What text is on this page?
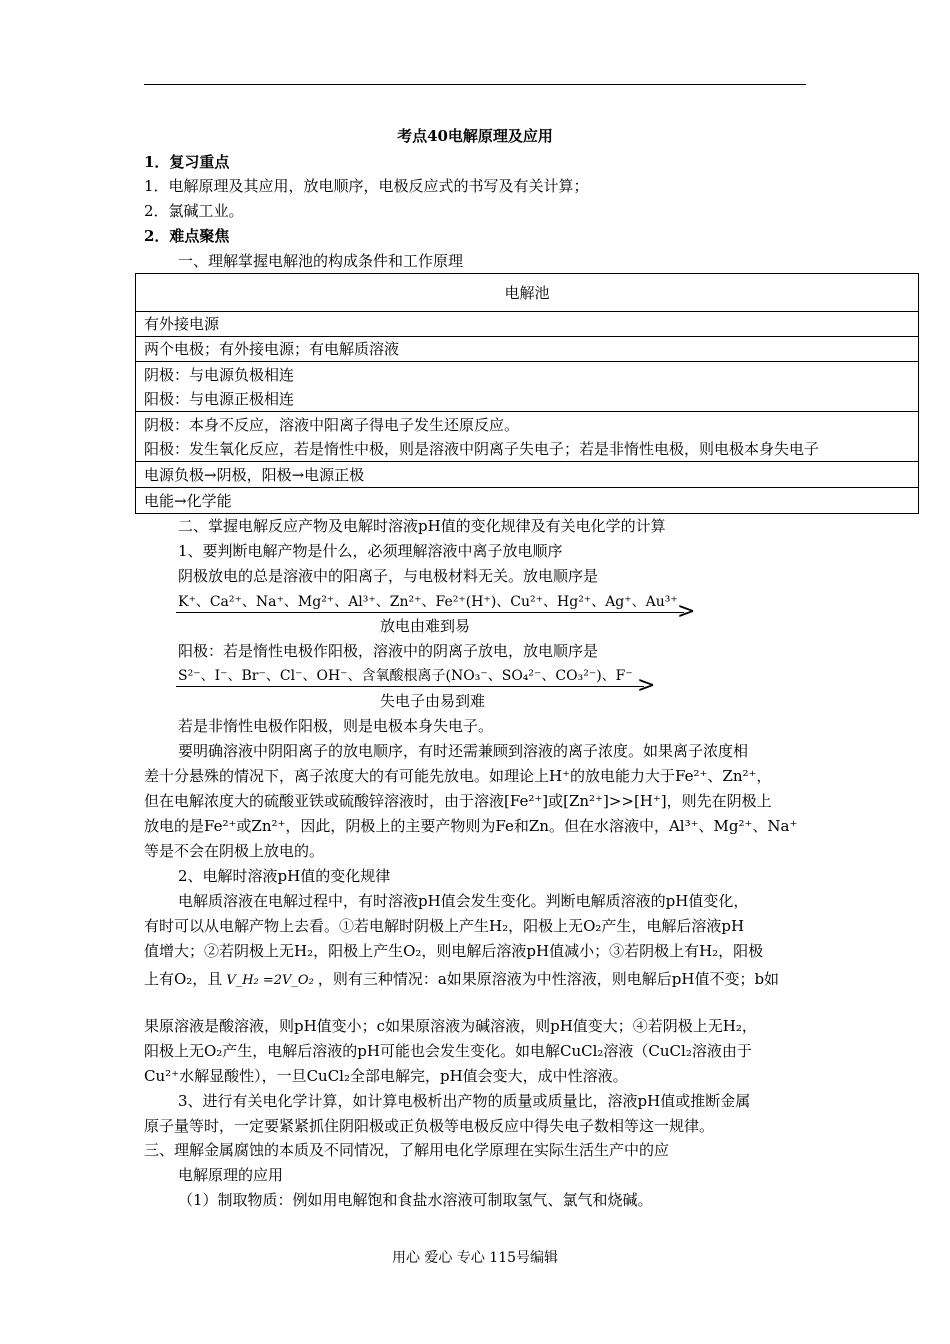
考点40电解原理及应用
1．复习重点
1．电解原理及其应用，放电顺序，电极反应式的书写及有关计算；
2．氯碱工业。
2．难点聚焦
一、理解掌握电解池的构成条件和工作原理
电解池
有外接电源
两个电极；有外接电源；有电解质溶液

阴极：与电源负极相连
阳极：与电源正极相连

阴极：本身不反应，溶液中阳离子得电子发生还原反应。
阳极：发生氧化反应，若是惰性中极，则是溶液中阴离子失电子；若是非惰性电极，则电极本身失电子

电源负极→阴极，阳极→电源正极
电能→化学能
二、掌握电解反应产物及电解时溶液pH值的变化规律及有关电化学的计算
1、要判断电解产物是什么，必须理解溶液中离子放电顺序
阴极放电的总是溶液中的阳离子，与电极材料无关。放电顺序是
K⁺、Ca²⁺、Na⁺、Mg²⁺、Al³⁺、Zn²⁺、Fe²⁺(H⁺)、Cu²⁺、Hg²⁺、Ag⁺、Au³⁺ >
放电由难到易
阳极：若是惰性电极作阳极，溶液中的阴离子放电，放电顺序是
S²⁻、I⁻、Br⁻、Cl⁻、OH⁻、含氧酸根离子(NO₃⁻、SO₄²⁻、CO₃²⁻)、F⁻ >
失电子由易到难
若是非惰性电极作阳极，则是电极本身失电子。
要明确溶液中阴阳离子的放电顺序，有时还需兼顾到溶液的离子浓度。如果离子浓度相
差十分悬殊的情况下，离子浓度大的有可能先放电。如理论上H⁺的放电能力大于Fe²⁺、Zn²⁺，
但在电解浓度大的硫酸亚铁或硫酸锌溶液时，由于溶液[Fe²⁺]或[Zn²⁺]>>[H⁺]，则先在阴极上
放电的是Fe²⁺或Zn²⁺，因此，阴极上的主要产物则为Fe和Zn。但在水溶液中，Al³⁺、Mg²⁺、Na⁺
等是不会在阴极上放电的。
2、电解时溶液pH值的变化规律
电解质溶液在电解过程中，有时溶液pH值会发生变化。判断电解质溶液的pH值变化，
有时可以从电解产物上去看。①若电解时阴极上产生H₂，阳极上无O₂产生，电解后溶液pH
值增大；②若阴极上无H₂，阳极上产生O₂，则电解后溶液pH值减小；③若阴极上有H₂，阳极
上有O₂，且 V_H₂ =2V_O₂ ，则有三种情况：a如果原溶液为中性溶液，则电解后pH值不变；b如
果原溶液是酸溶液，则pH值变小；c如果原溶液为碱溶液，则pH值变大；④若阴极上无H₂，
阳极上无O₂产生，电解后溶液的pH可能也会发生变化。如电解CuCl₂溶液（CuCl₂溶液由于
Cu²⁺水解显酸性），一旦CuCl₂全部电解完，pH值会变大，成中性溶液。
3、进行有关电化学计算，如计算电极析出产物的质量或质量比，溶液pH值或推断金属
原子量等时，一定要紧紧抓住阴阳极或正负极等电极反应中得失电子数相等这一规律。
三、理解金属腐蚀的本质及不同情况，了解用电化学原理在实际生活生产中的应
电解原理的应用
（1）制取物质：例如用电解饱和食盐水溶液可制取氢气、氯气和烧碱。
用心 爱心 专心 115号编辑
